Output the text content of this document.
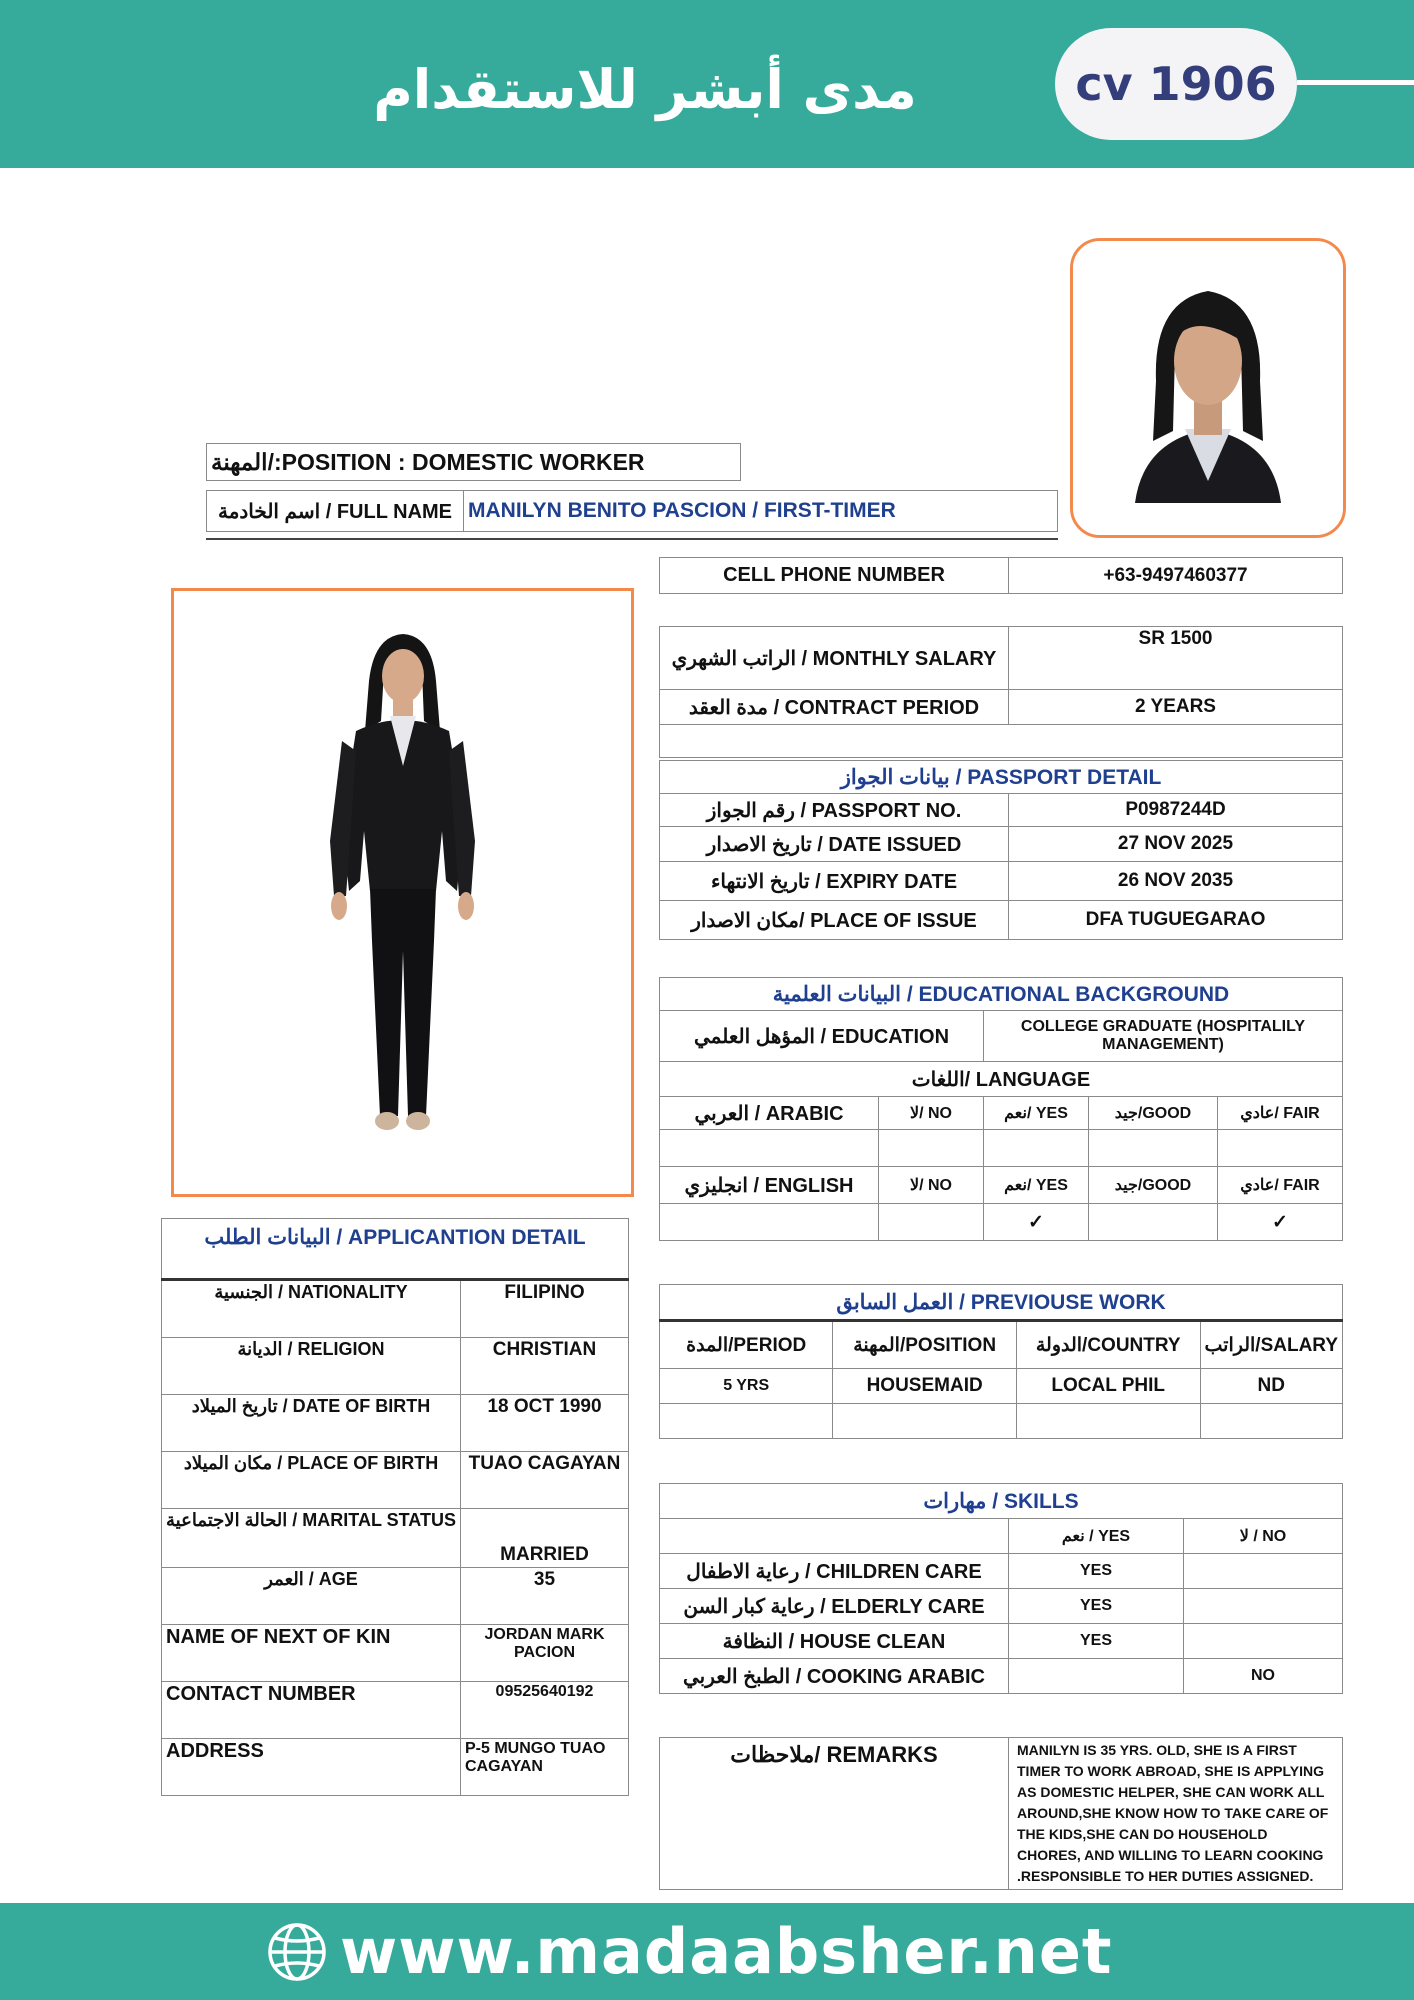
مدى أبشر للاستقدام	cv 1906
المهنة/:POSITION : DOMESTIC WORKER
اسم الخادمة / FULL NAME	MANILYN BENITO PASCION / FIRST-TIMER
CELL PHONE NUMBER	+63-9497460377
الراتب الشهري / MONTHLY SALARY	SR 1500
مدة العقد / CONTRACT PERIOD	2 YEARS

بيانات الجواز / PASSPORT DETAIL	
رقم الجواز / PASSPORT NO.	P0987244D
تاريخ الاصدار / DATE ISSUED	27 NOV 2025
تاريخ الانتهاء / EXPIRY DATE	26 NOV 2035
مكان الاصدار/ PLACE OF ISSUE	DFA TUGUEGARAO
البيانات العلمية / EDUCATIONAL BACKGROUND				
المؤهل العلمي / EDUCATION		COLLEGE GRADUATE (HOSPITALILY MANAGEMENT)		
اللغات/ LANGUAGE				
العربي / ARABIC	لا/ NO	نعم/ YES	جيد/GOOD	عادي/ FAIR

انجليزي / ENGLISH	لا/ NO	نعم/ YES	جيد/GOOD	عادي/ FAIR
		✓		✓
البيانات الطلب / APPLICANTION DETAIL	
الجنسية / NATIONALITY	FILIPINO
الديانة / RELIGION	CHRISTIAN
تاريخ الميلاد / DATE OF BIRTH	18 OCT 1990
مكان الميلاد / PLACE OF BIRTH	TUAO CAGAYAN
الحالة الاجتماعية / MARITAL STATUS	MARRIED
العمر / AGE	35
NAME OF NEXT OF KIN	JORDAN MARK PACION
CONTACT NUMBER	09525640192
ADDRESS	P-5 MUNGO TUAO CAGAYAN
العمل السابق / PREVIOUSE WORK			
المدة/PERIOD	المهنة/POSITION	الدولة/COUNTRY	الراتب/SALARY
5 YRS	HOUSEMAID	LOCAL PHIL	ND

مهارات / SKILLS		
	نعم / YES	لا / NO
رعاية الاطفال / CHILDREN CARE	YES	
رعاية كبار السن / ELDERLY CARE	YES	
النظافة / HOUSE CLEAN	YES	
الطبخ العربي / COOKING ARABIC		NO
ملاحظات/ REMARKS	MANILYN IS 35 YRS. OLD, SHE IS A FIRST TIMER TO WORK ABROAD, SHE IS APPLYING AS DOMESTIC HELPER, SHE CAN WORK ALL AROUND,SHE KNOW HOW TO TAKE CARE OF THE KIDS,SHE CAN DO HOUSEHOLD CHORES, AND WILLING TO LEARN COOKING .RESPONSIBLE TO HER DUTIES ASSIGNED.
www.madaabsher.net
